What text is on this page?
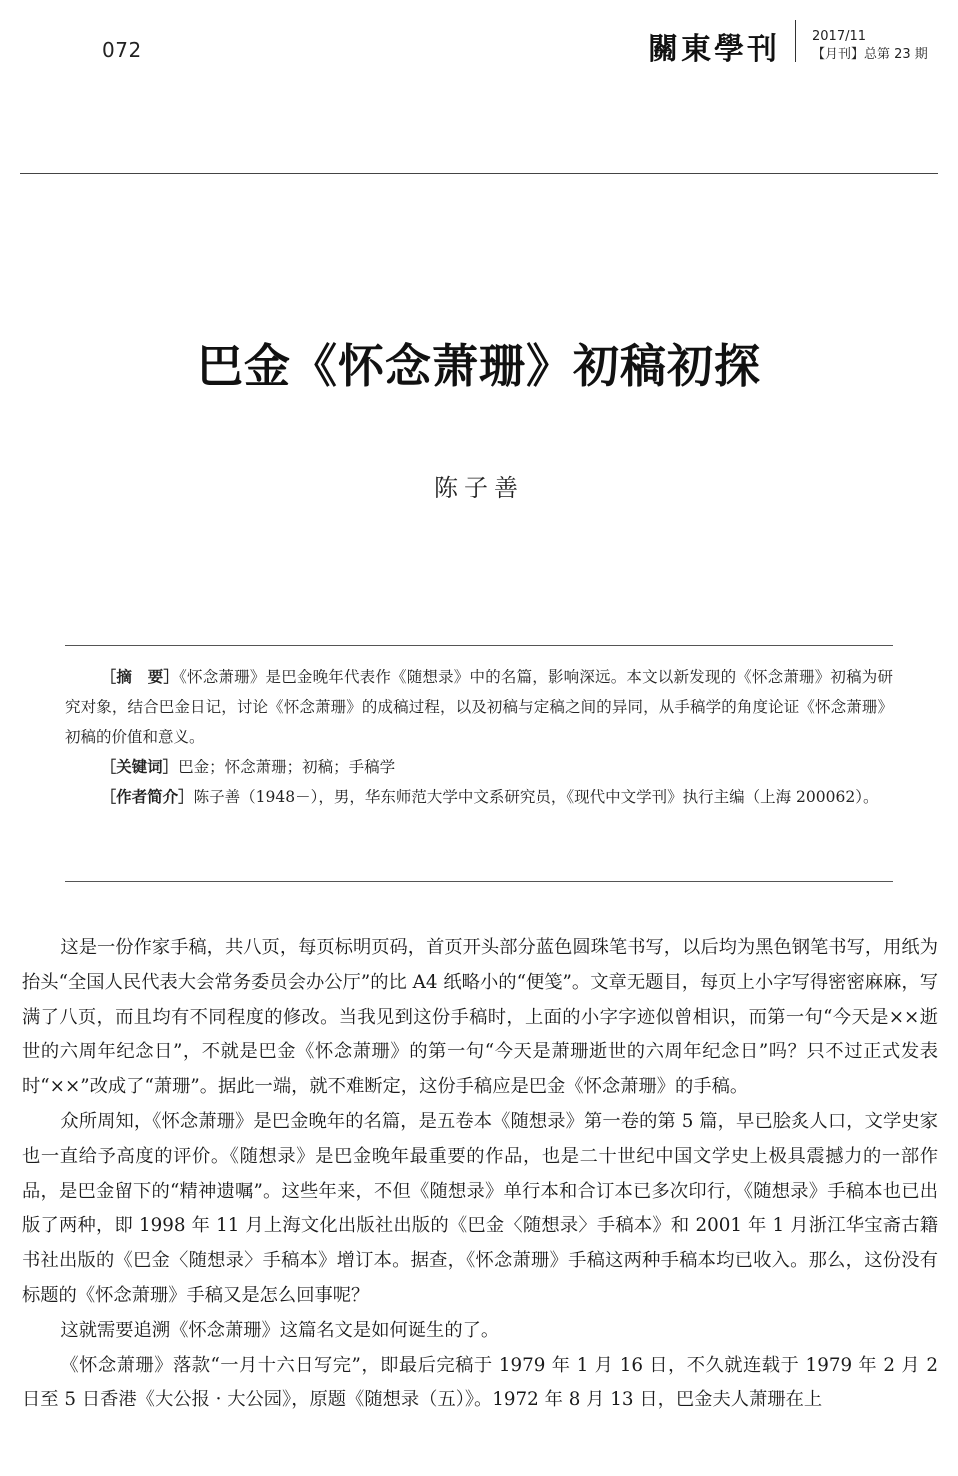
072	關東學刊 2017/11
【月刊】总第 23 期
巴金《怀念萧珊》初稿初探
陈子善

［摘　要］《怀念萧珊》是巴金晚年代表作《随想录》中的名篇，影响深远。本文以新发现的《怀念萧珊》初稿为研究对象，结合巴金日记，讨论《怀念萧珊》的成稿过程，以及初稿与定稿之间的异同，从手稿学的角度论证《怀念萧珊》初稿的价值和意义。

［关键词］巴金；怀念萧珊；初稿；手稿学

［作者简介］陈子善（1948－），男，华东师范大学中文系研究员，《现代中文学刊》执行主编（上海 200062）。

这是一份作家手稿，共八页，每页标明页码，首页开头部分蓝色圆珠笔书写，以后均为黑色钢笔书写，用纸为抬头“全国人民代表大会常务委员会办公厅”的比 A4 纸略小的“便笺”。文章无题目，每页上小字写得密密麻麻，写满了八页，而且均有不同程度的修改。当我见到这份手稿时，上面的小字字迹似曾相识，而第一句“今天是××逝世的六周年纪念日”，不就是巴金《怀念萧珊》的第一句“今天是萧珊逝世的六周年纪念日”吗？只不过正式发表时“××”改成了“萧珊”。据此一端，就不难断定，这份手稿应是巴金《怀念萧珊》的手稿。

众所周知，《怀念萧珊》是巴金晚年的名篇，是五卷本《随想录》第一卷的第 5 篇，早已脍炙人口，文学史家也一直给予高度的评价。《随想录》是巴金晚年最重要的作品，也是二十世纪中国文学史上极具震撼力的一部作品，是巴金留下的“精神遗嘱”。这些年来，不但《随想录》单行本和合订本已多次印行，《随想录》手稿本也已出版了两种，即 1998 年 11 月上海文化出版社出版的《巴金〈随想录〉手稿本》和 2001 年 1 月浙江华宝斋古籍书社出版的《巴金〈随想录〉手稿本》增订本。据查，《怀念萧珊》手稿这两种手稿本均已收入。那么，这份没有标题的《怀念萧珊》手稿又是怎么回事呢？

这就需要追溯《怀念萧珊》这篇名文是如何诞生的了。

《怀念萧珊》落款“一月十六日写完”，即最后完稿于 1979 年 1 月 16 日，不久就连载于 1979 年 2 月 2 日至 5 日香港《大公报 · 大公园》，原题《随想录（五）》。1972 年 8 月 13 日，巴金夫人萧珊在上
